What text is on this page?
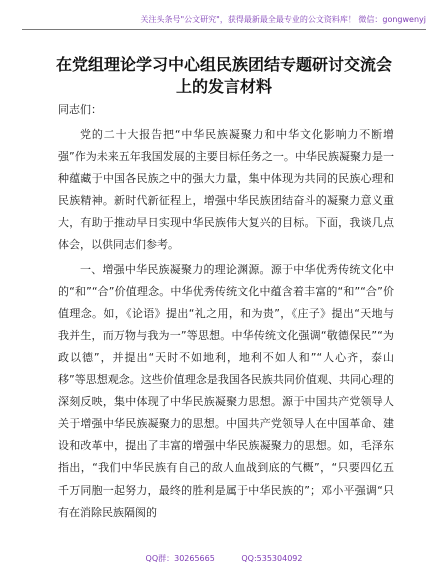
关注头条号"公文研究"，获得最新最全最专业的公文资料库！ 微信：gongwenyj
在党组理论学习中心组民族团结专题研讨交流会上的发言材料
同志们：

党的二十大报告把“中华民族凝聚力和中华文化影响力不断增强”作为未来五年我国发展的主要目标任务之一。中华民族凝聚力是一种蕴藏于中国各民族之中的强大力量，集中体现为共同的民族心理和民族精神。新时代新征程上，增强中华民族团结奋斗的凝聚力意义重大，有助于推动早日实现中华民族伟大复兴的目标。下面，我谈几点体会，以供同志们参考。

一、增强中华民族凝聚力的理论渊源。源于中华优秀传统文化中的“和”“合”价值理念。中华优秀传统文化中蕴含着丰富的“和”“合”价值理念。如，《论语》提出“礼之用，和为贵”，《庄子》提出“天地与我并生，而万物与我为一”等思想。中华传统文化强调“敬德保民”“为政以德”，并提出“天时不如地利，地利不如人和”“人心齐，泰山移”等思想观念。这些价值理念是我国各民族共同价值观、共同心理的深刻反映，集中体现了中华民族凝聚力思想。源于中国共产党领导人关于增强中华民族凝聚力的思想。中国共产党领导人在中国革命、建设和改革中，提出了丰富的增强中华民族凝聚力的思想。如，毛泽东指出，“我们中华民族有自己的敌人血战到底的气概”，“只要四亿五千万同胞一起努力，最终的胜利是属于中华民族的”；邓小平强调“只有在消除民族隔阂的

QQ群：30265665	QQ:535304092
